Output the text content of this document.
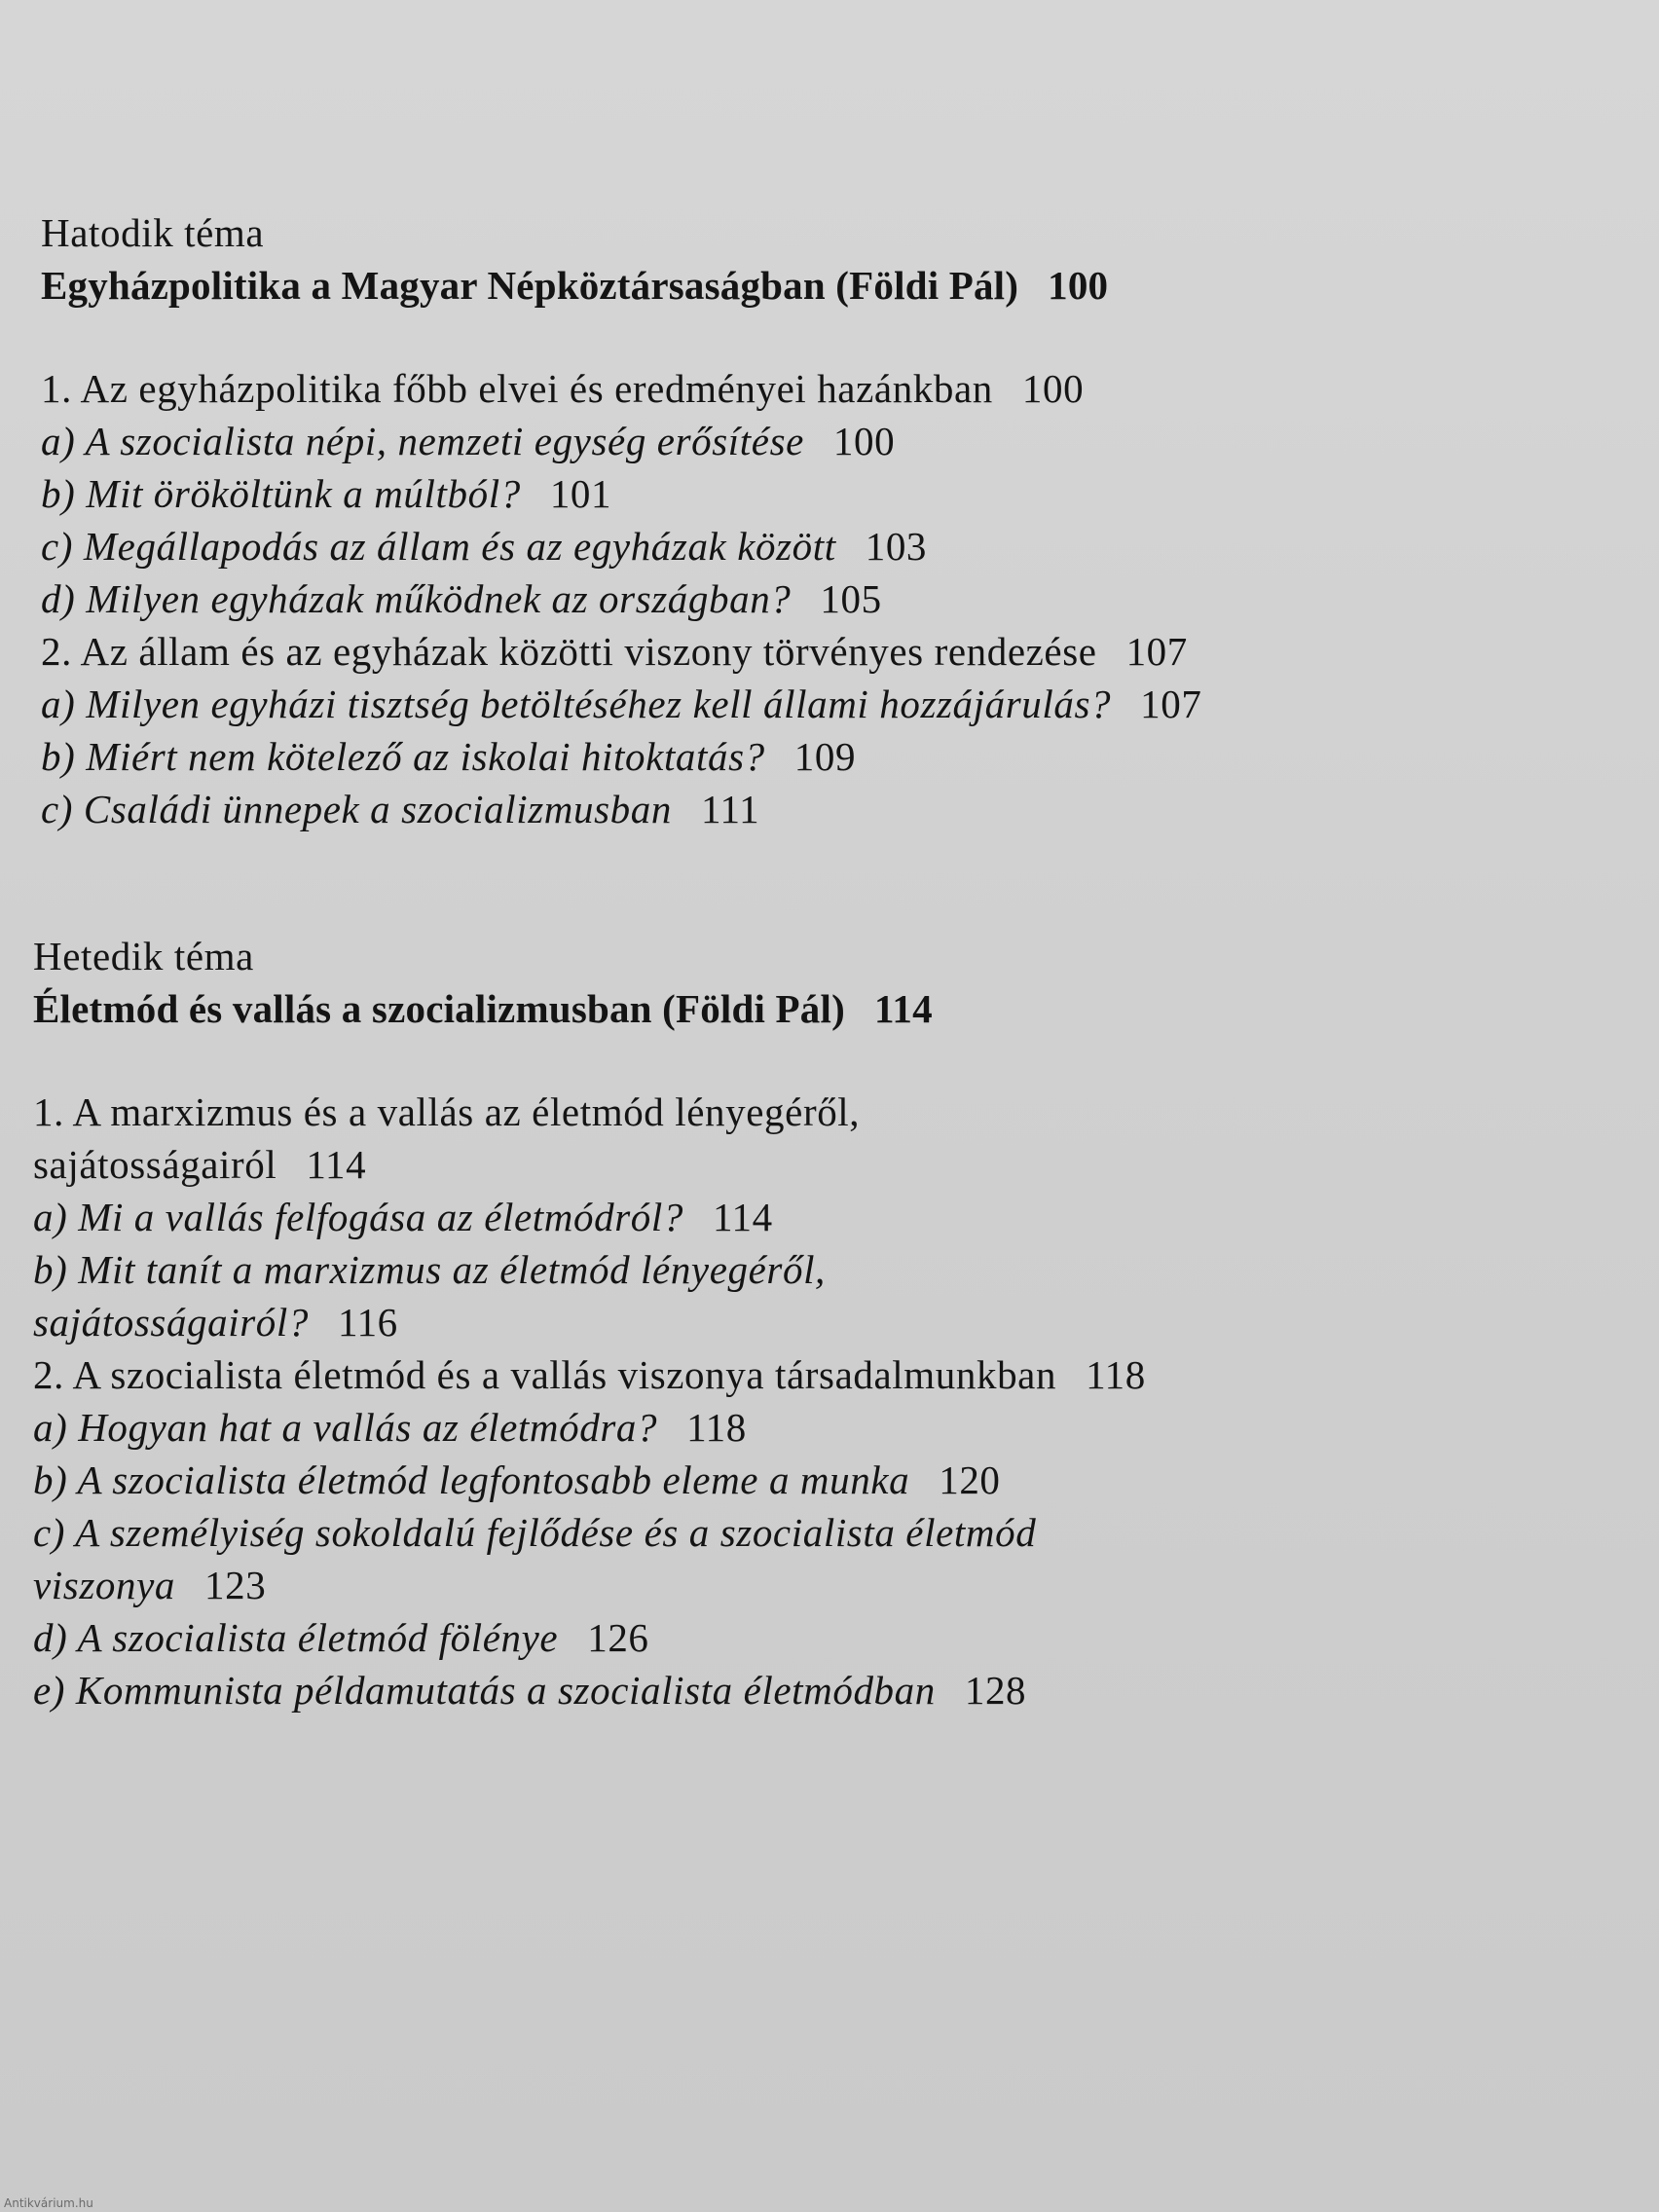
Hatodik téma
Egyházpolitika a Magyar Népköztársaságban (Földi Pál) 100
1. Az egyházpolitika főbb elvei és eredményei hazánkban 100
a) A szocialista népi, nemzeti egység erősítése 100
b) Mit örököltünk a múltból? 101
c) Megállapodás az állam és az egyházak között 103
d) Milyen egyházak működnek az országban? 105
2. Az állam és az egyházak közötti viszony törvényes rendezése 107
a) Milyen egyházi tisztség betöltéséhez kell állami hozzájárulás? 107
b) Miért nem kötelező az iskolai hitoktatás? 109
c) Családi ünnepek a szocializmusban 111
Hetedik téma
Életmód és vallás a szocializmusban (Földi Pál) 114
1. A marxizmus és a vallás az életmód lényegéről,
sajátosságairól 114
a) Mi a vallás felfogása az életmódról? 114
b) Mit tanít a marxizmus az életmód lényegéről,
sajátosságairól? 116
2. A szocialista életmód és a vallás viszonya társadalmunkban 118
a) Hogyan hat a vallás az életmódra? 118
b) A szocialista életmód legfontosabb eleme a munka 120
c) A személyiség sokoldalú fejlődése és a szocialista életmód
viszonya 123
d) A szocialista életmód fölénye 126
e) Kommunista példamutatás a szocialista életmódban 128
Antikvárium.hu
